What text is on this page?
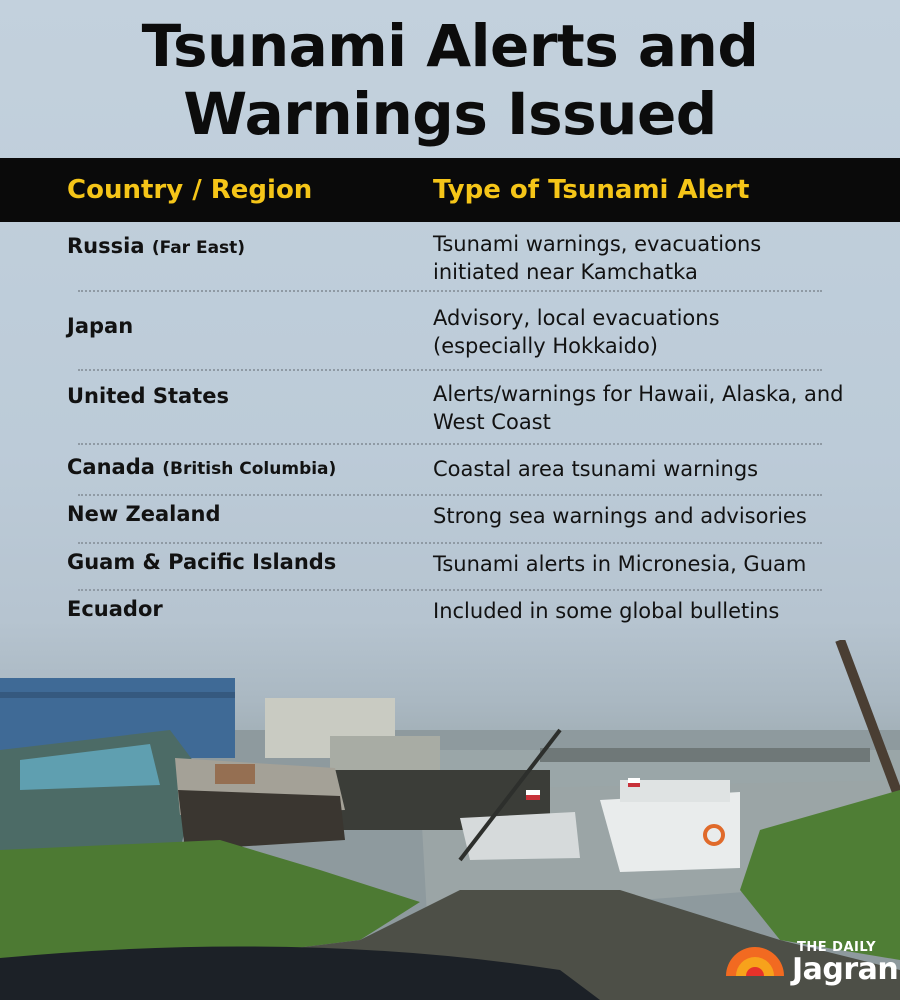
Tsunami Alerts and
Warnings Issued
Country / Region	Type of Tsunami Alert
Russia (Far East)	Tsunami warnings, evacuations initiated near Kamchatka
Japan	Advisory, local evacuations (especially Hokkaido)
United States	Alerts/warnings for Hawaii, Alaska, and West Coast
Canada (British Columbia)	Coastal area tsunami warnings
New Zealand	Strong sea warnings and advisories
Guam & Pacific Islands	Tsunami alerts in Micronesia, Guam
Ecuador	Included in some global bulletins
THE DAILY
Jagran
